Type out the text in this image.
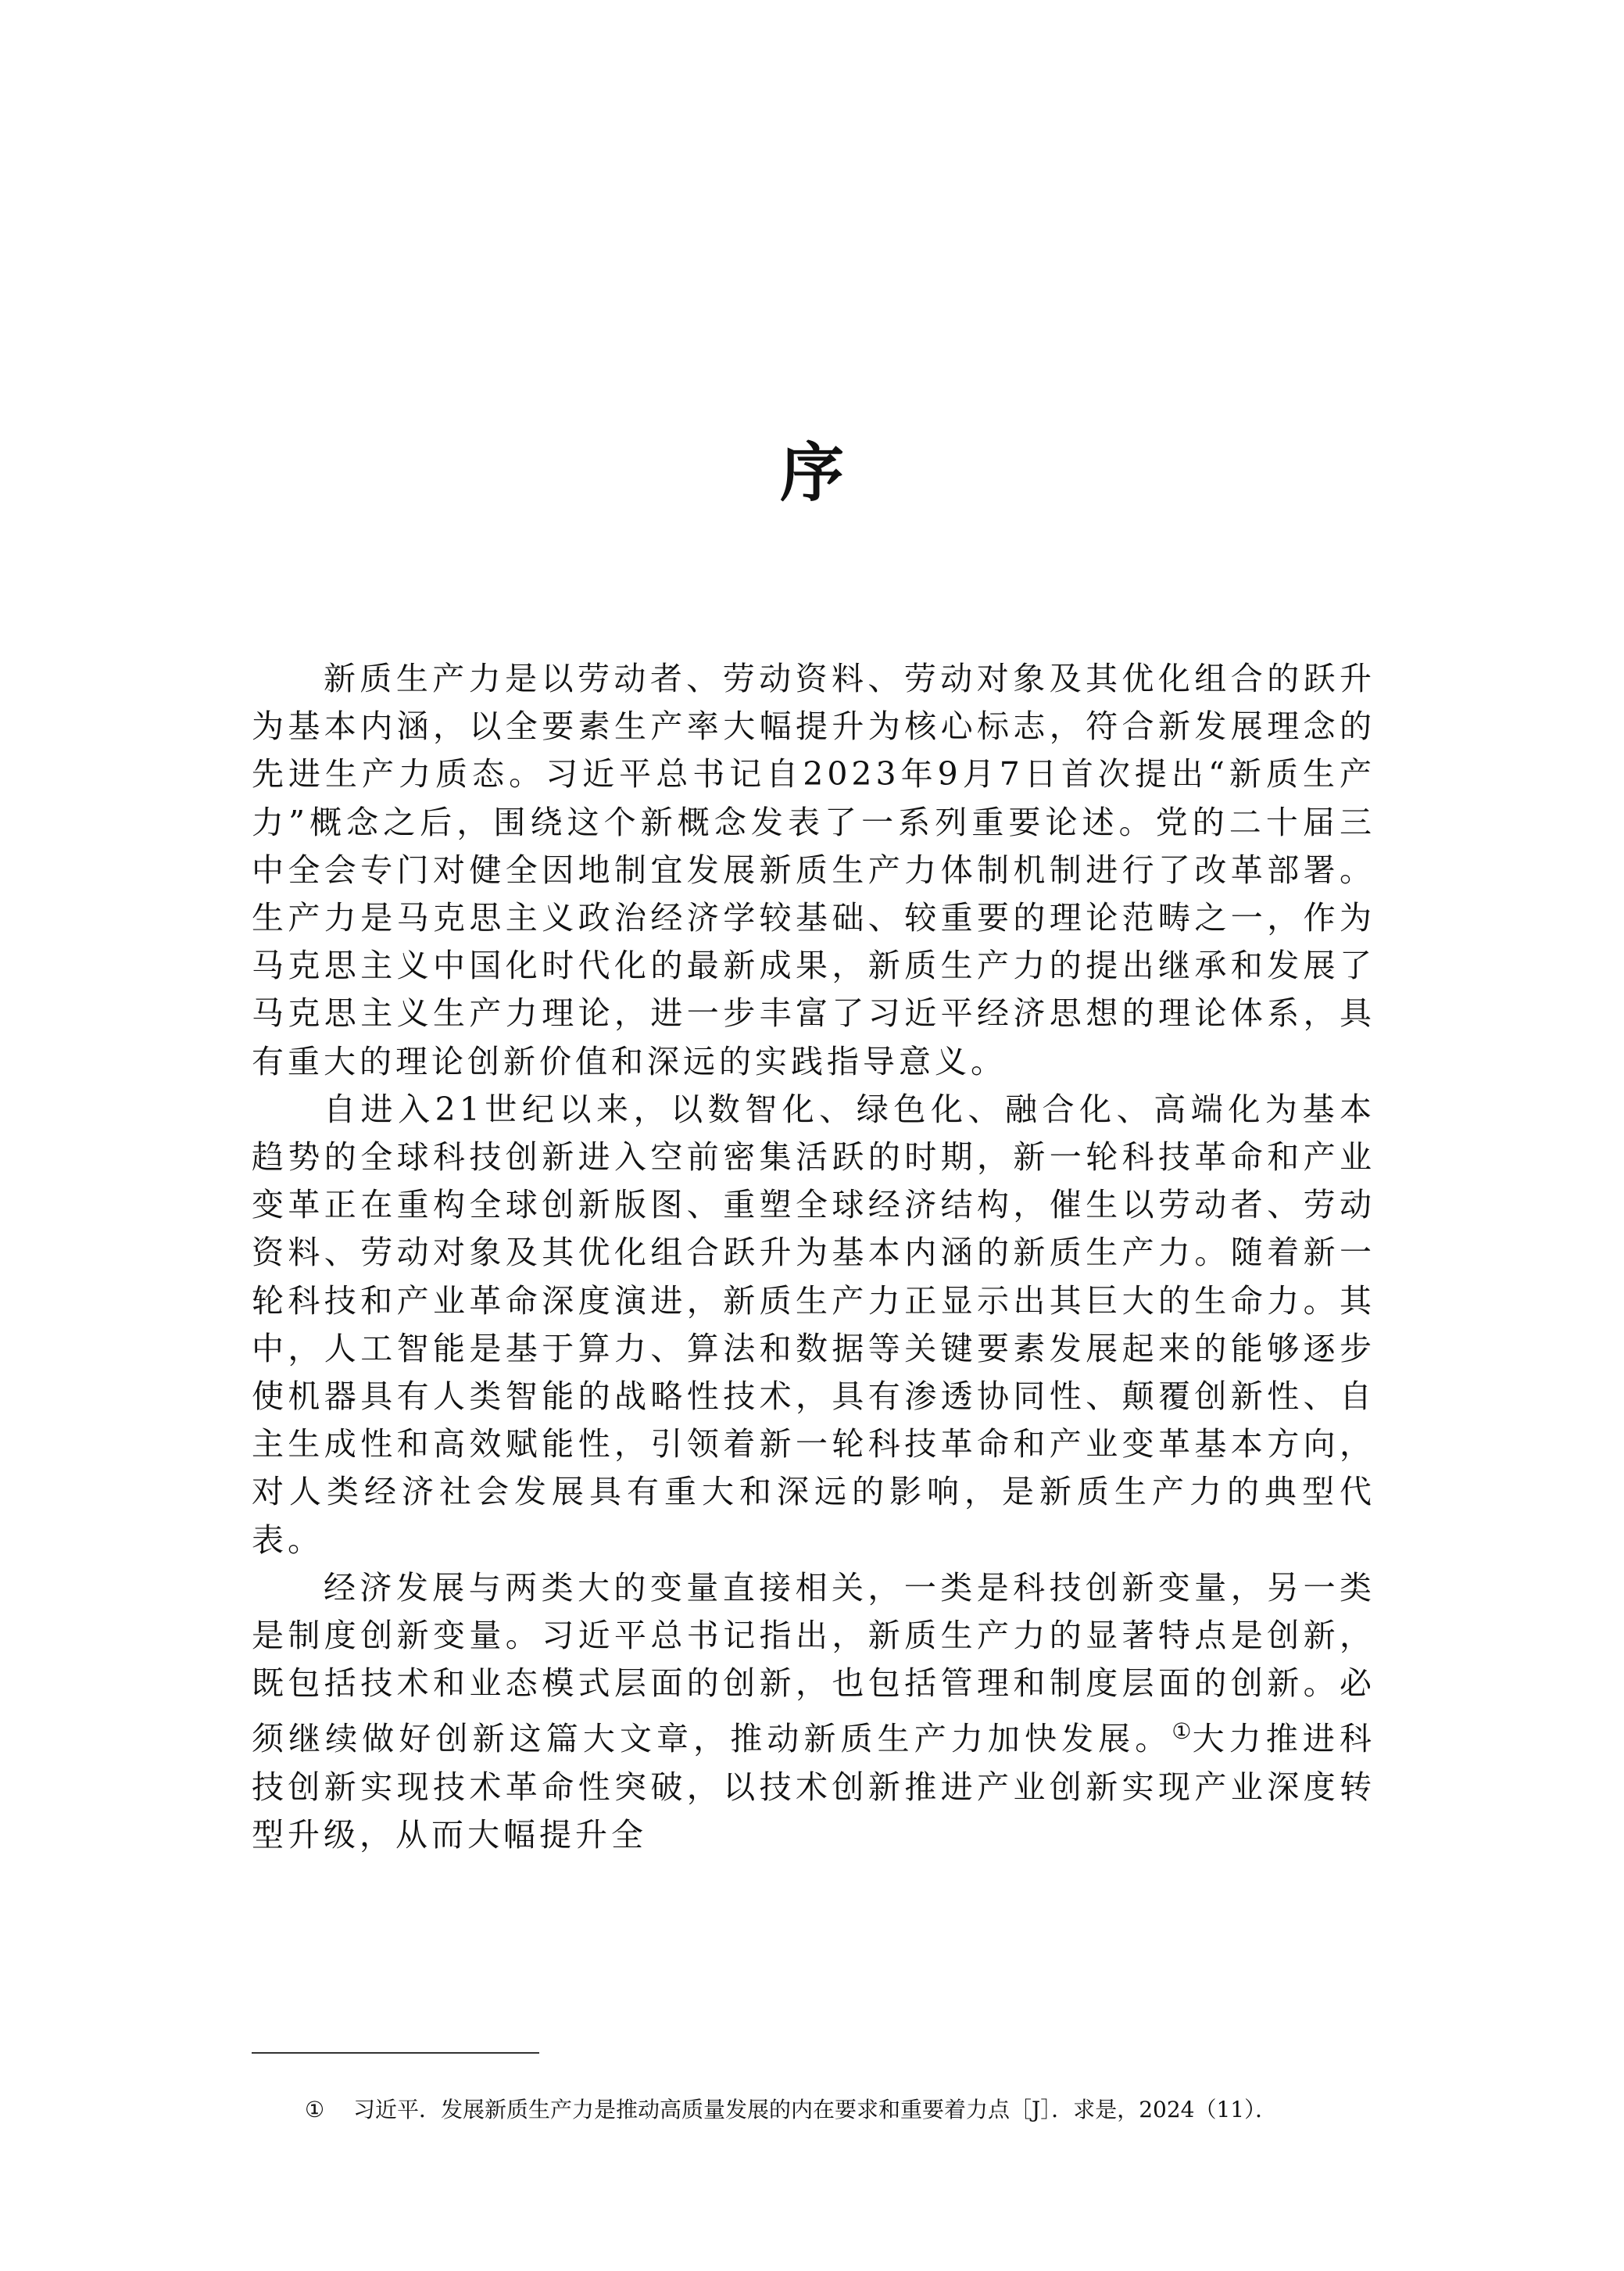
序

新质生产力是以劳动者、劳动资料、劳动对象及其优化组合的跃升为基本内涵，以全要素生产率大幅提升为核心标志，符合新发展理念的先进生产力质态。习近平总书记自2023年9月7日首次提出“新质生产力”概念之后，围绕这个新概念发表了一系列重要论述。党的二十届三中全会专门对健全因地制宜发展新质生产力体制机制进行了改革部署。生产力是马克思主义政治经济学较基础、较重要的理论范畴之一，作为马克思主义中国化时代化的最新成果，新质生产力的提出继承和发展了马克思主义生产力理论，进一步丰富了习近平经济思想的理论体系，具有重大的理论创新价值和深远的实践指导意义。

自进入21世纪以来，以数智化、绿色化、融合化、高端化为基本趋势的全球科技创新进入空前密集活跃的时期，新一轮科技革命和产业变革正在重构全球创新版图、重塑全球经济结构，催生以劳动者、劳动资料、劳动对象及其优化组合跃升为基本内涵的新质生产力。随着新一轮科技和产业革命深度演进，新质生产力正显示出其巨大的生命力。其中，人工智能是基于算力、算法和数据等关键要素发展起来的能够逐步使机器具有人类智能的战略性技术，具有渗透协同性、颠覆创新性、自主生成性和高效赋能性，引领着新一轮科技革命和产业变革基本方向，对人类经济社会发展具有重大和深远的影响，是新质生产力的典型代表。

经济发展与两类大的变量直接相关，一类是科技创新变量，另一类是制度创新变量。习近平总书记指出，新质生产力的显著特点是创新，既包括技术和业态模式层面的创新，也包括管理和制度层面的创新。必须继续做好创新这篇大文章，推动新质生产力加快发展。①大力推进科技创新实现技术革命性突破，以技术创新推进产业创新实现产业深度转型升级，从而大幅提升全

① 习近平．发展新质生产力是推动高质量发展的内在要求和重要着力点［J］．求是，2024（11）．
